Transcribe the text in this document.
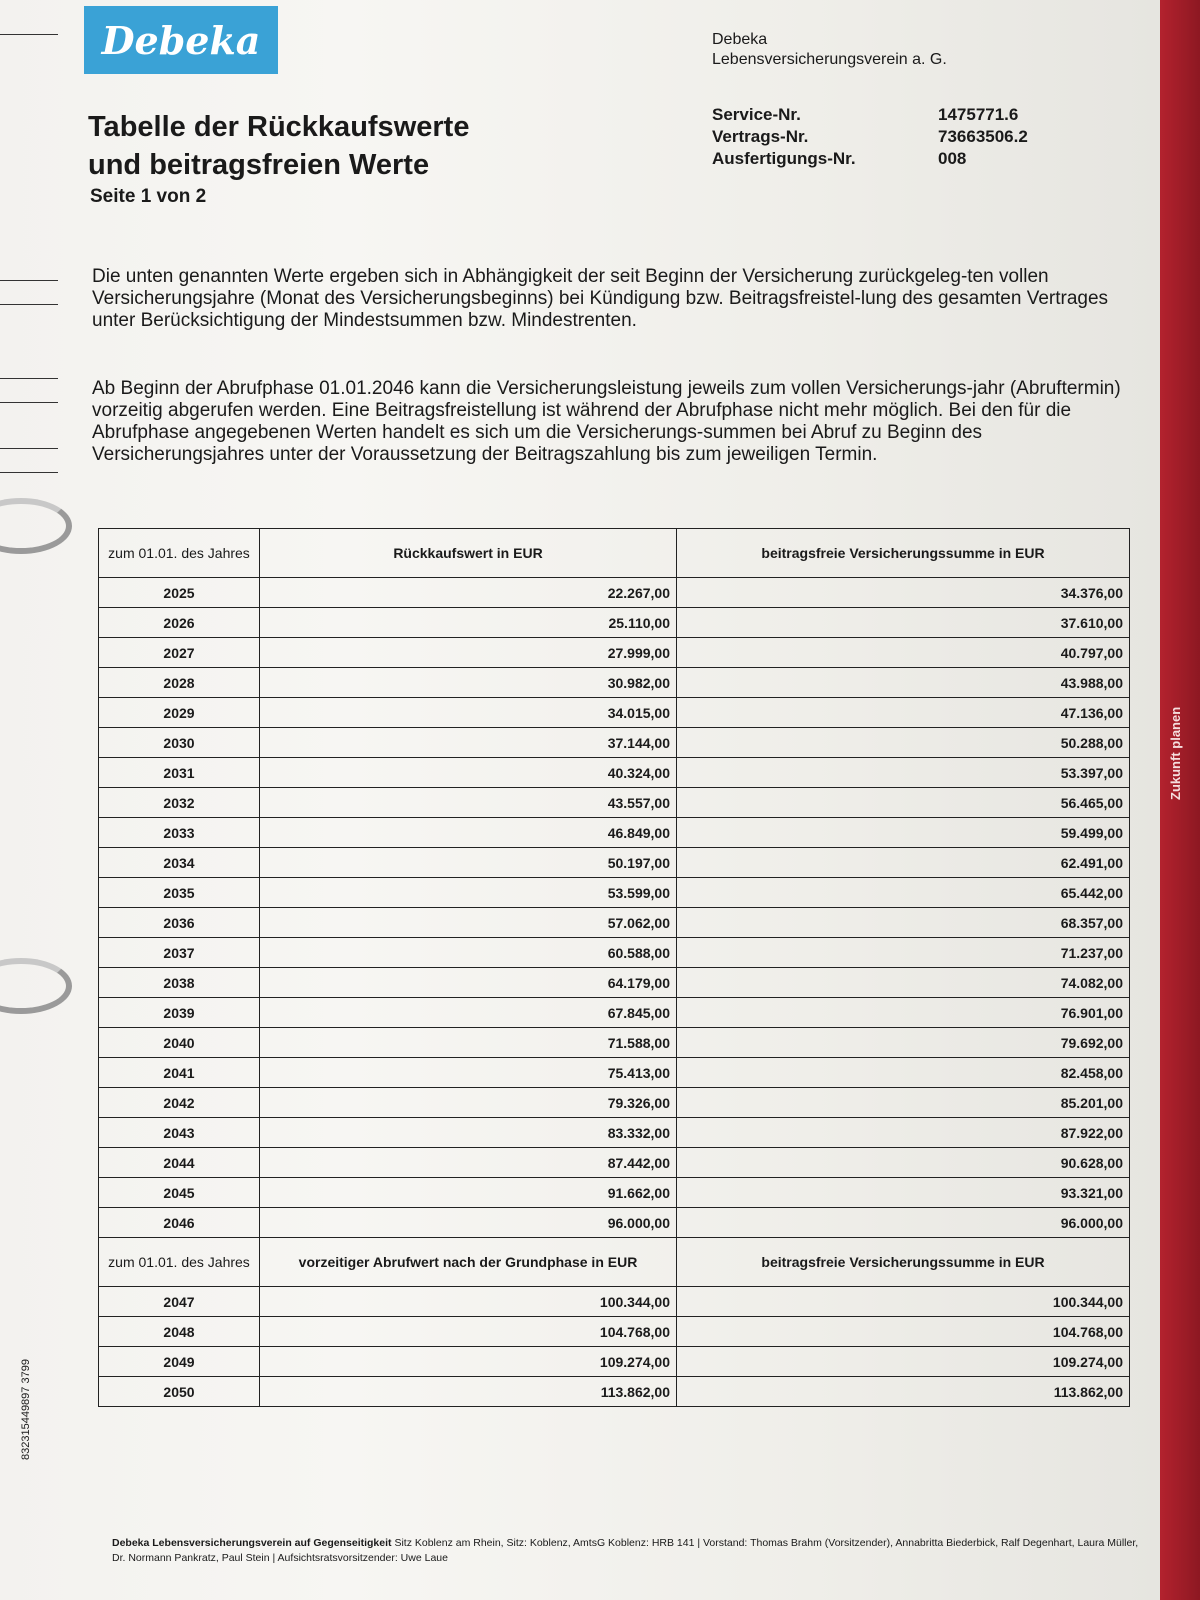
Zukunft planen
Debeka	Debeka
Lebensversicherungsverein a. G.
Tabelle der Rückkaufswerte
und beitragsfreien Werte
Seite 1 von 2
Service-Nr.	1475771.6
Vertrags-Nr.	73663506.2
Ausfertigungs-Nr.	008
Die unten genannten Werte ergeben sich in Abhängigkeit der seit Beginn der Versicherung zurückgeleg-ten vollen Versicherungsjahre (Monat des Versicherungsbeginns) bei Kündigung bzw. Beitragsfreistel-lung des gesamten Vertrages unter Berücksichtigung der Mindestsummen bzw. Mindestrenten.
Ab Beginn der Abrufphase 01.01.2046 kann die Versicherungsleistung jeweils zum vollen Versicherungs-jahr (Abruftermin) vorzeitig abgerufen werden. Eine Beitragsfreistellung ist während der Abrufphase nicht mehr möglich. Bei den für die Abrufphase angegebenen Werten handelt es sich um die Versicherungs-summen bei Abruf zu Beginn des Versicherungsjahres unter der Voraussetzung der Beitragszahlung bis zum jeweiligen Termin.
zum 01.01. des Jahres	Rückkaufswert in EUR	beitragsfreie Versicherungssumme in EUR
2025	22.267,00	34.376,00
2026	25.110,00	37.610,00
2027	27.999,00	40.797,00
2028	30.982,00	43.988,00
2029	34.015,00	47.136,00
2030	37.144,00	50.288,00
2031	40.324,00	53.397,00
2032	43.557,00	56.465,00
2033	46.849,00	59.499,00
2034	50.197,00	62.491,00
2035	53.599,00	65.442,00
2036	57.062,00	68.357,00
2037	60.588,00	71.237,00
2038	64.179,00	74.082,00
2039	67.845,00	76.901,00
2040	71.588,00	79.692,00
2041	75.413,00	82.458,00
2042	79.326,00	85.201,00
2043	83.332,00	87.922,00
2044	87.442,00	90.628,00
2045	91.662,00	93.321,00
2046	96.000,00	96.000,00
zum 01.01. des Jahres	vorzeitiger Abrufwert nach der Grundphase in EUR	beitragsfreie Versicherungssumme in EUR
2047	100.344,00	100.344,00
2048	104.768,00	104.768,00
2049	109.274,00	109.274,00
2050	113.862,00	113.862,00
832315449897 3799
Debeka Lebensversicherungsverein auf Gegenseitigkeit Sitz Koblenz am Rhein, Sitz: Koblenz, AmtsG Koblenz: HRB 141 | Vorstand: Thomas Brahm (Vorsitzender), Annabritta Biederbick, Ralf Degenhart, Laura Müller, Dr. Normann Pankratz, Paul Stein | Aufsichtsratsvorsitzender: Uwe Laue
